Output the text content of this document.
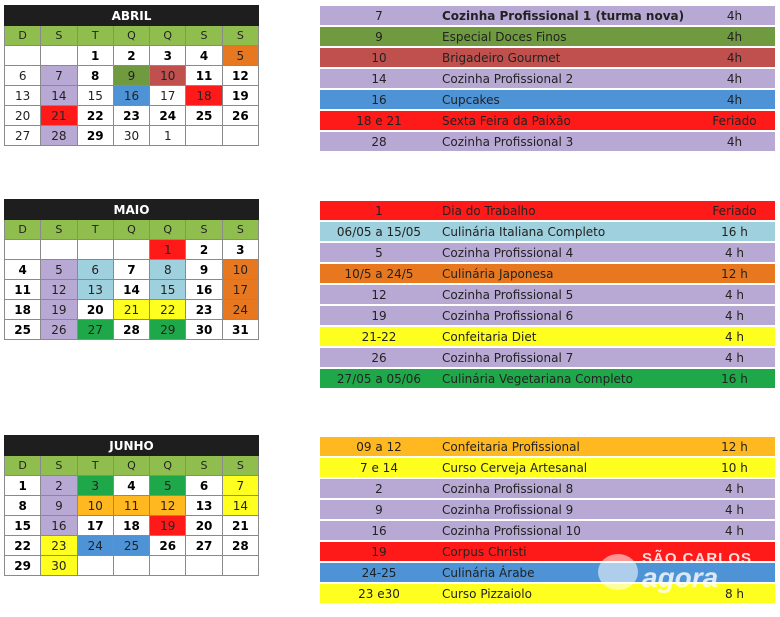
ABRIL						
D	S	T	Q	Q	S	S
		1	2	3	4	5
6	7	8	9	10	11	12
13	14	15	16	17	18	19
20	21	22	23	24	25	26
27	28	29	30	1		
MAIO						
D	S	T	Q	Q	S	S
				1	2	3
4	5	6	7	8	9	10
11	12	13	14	15	16	17
18	19	20	21	22	23	24
25	26	27	28	29	30	31
JUNHO						
D	S	T	Q	Q	S	S
1	2	3	4	5	6	7
8	9	10	11	12	13	14
15	16	17	18	19	20	21
22	23	24	25	26	27	28
29	30					
7	Cozinha Profissional 1 (turma nova)	4h
9	Especial Doces Finos	4h
10	Brigadeiro Gourmet	4h
14	Cozinha Profissional 2	4h
16	Cupcakes	4h
18 e 21	Sexta Feira da Paixão	Feriado
28	Cozinha Profissional 3	4h
1	Dia do Trabalho	Feriado
06/05 a 15/05	Culinária Italiana Completo	16 h
5	Cozinha Profissional 4	4 h
10/5 a 24/5	Culinária Japonesa	12 h
12	Cozinha Profissional 5	4 h
19	Cozinha Profissional 6	4 h
21-22	Confeitaria Diet	4 h
26	Cozinha Profissional 7	4 h
27/05 a 05/06	Culinária Vegetariana Completo	16 h
09 a 12	Confeitaria Profissional	12 h
7 e 14	Curso Cerveja Artesanal	10 h
2	Cozinha Profissional 8	4 h
9	Cozinha Profissional 9	4 h
16	Cozinha Profissional 10	4 h
19	Corpus Christi	
24-25	Culinária Árabe	
23 e30	Curso Pizzaiolo	8 h
SÃO CARLOS
agora
